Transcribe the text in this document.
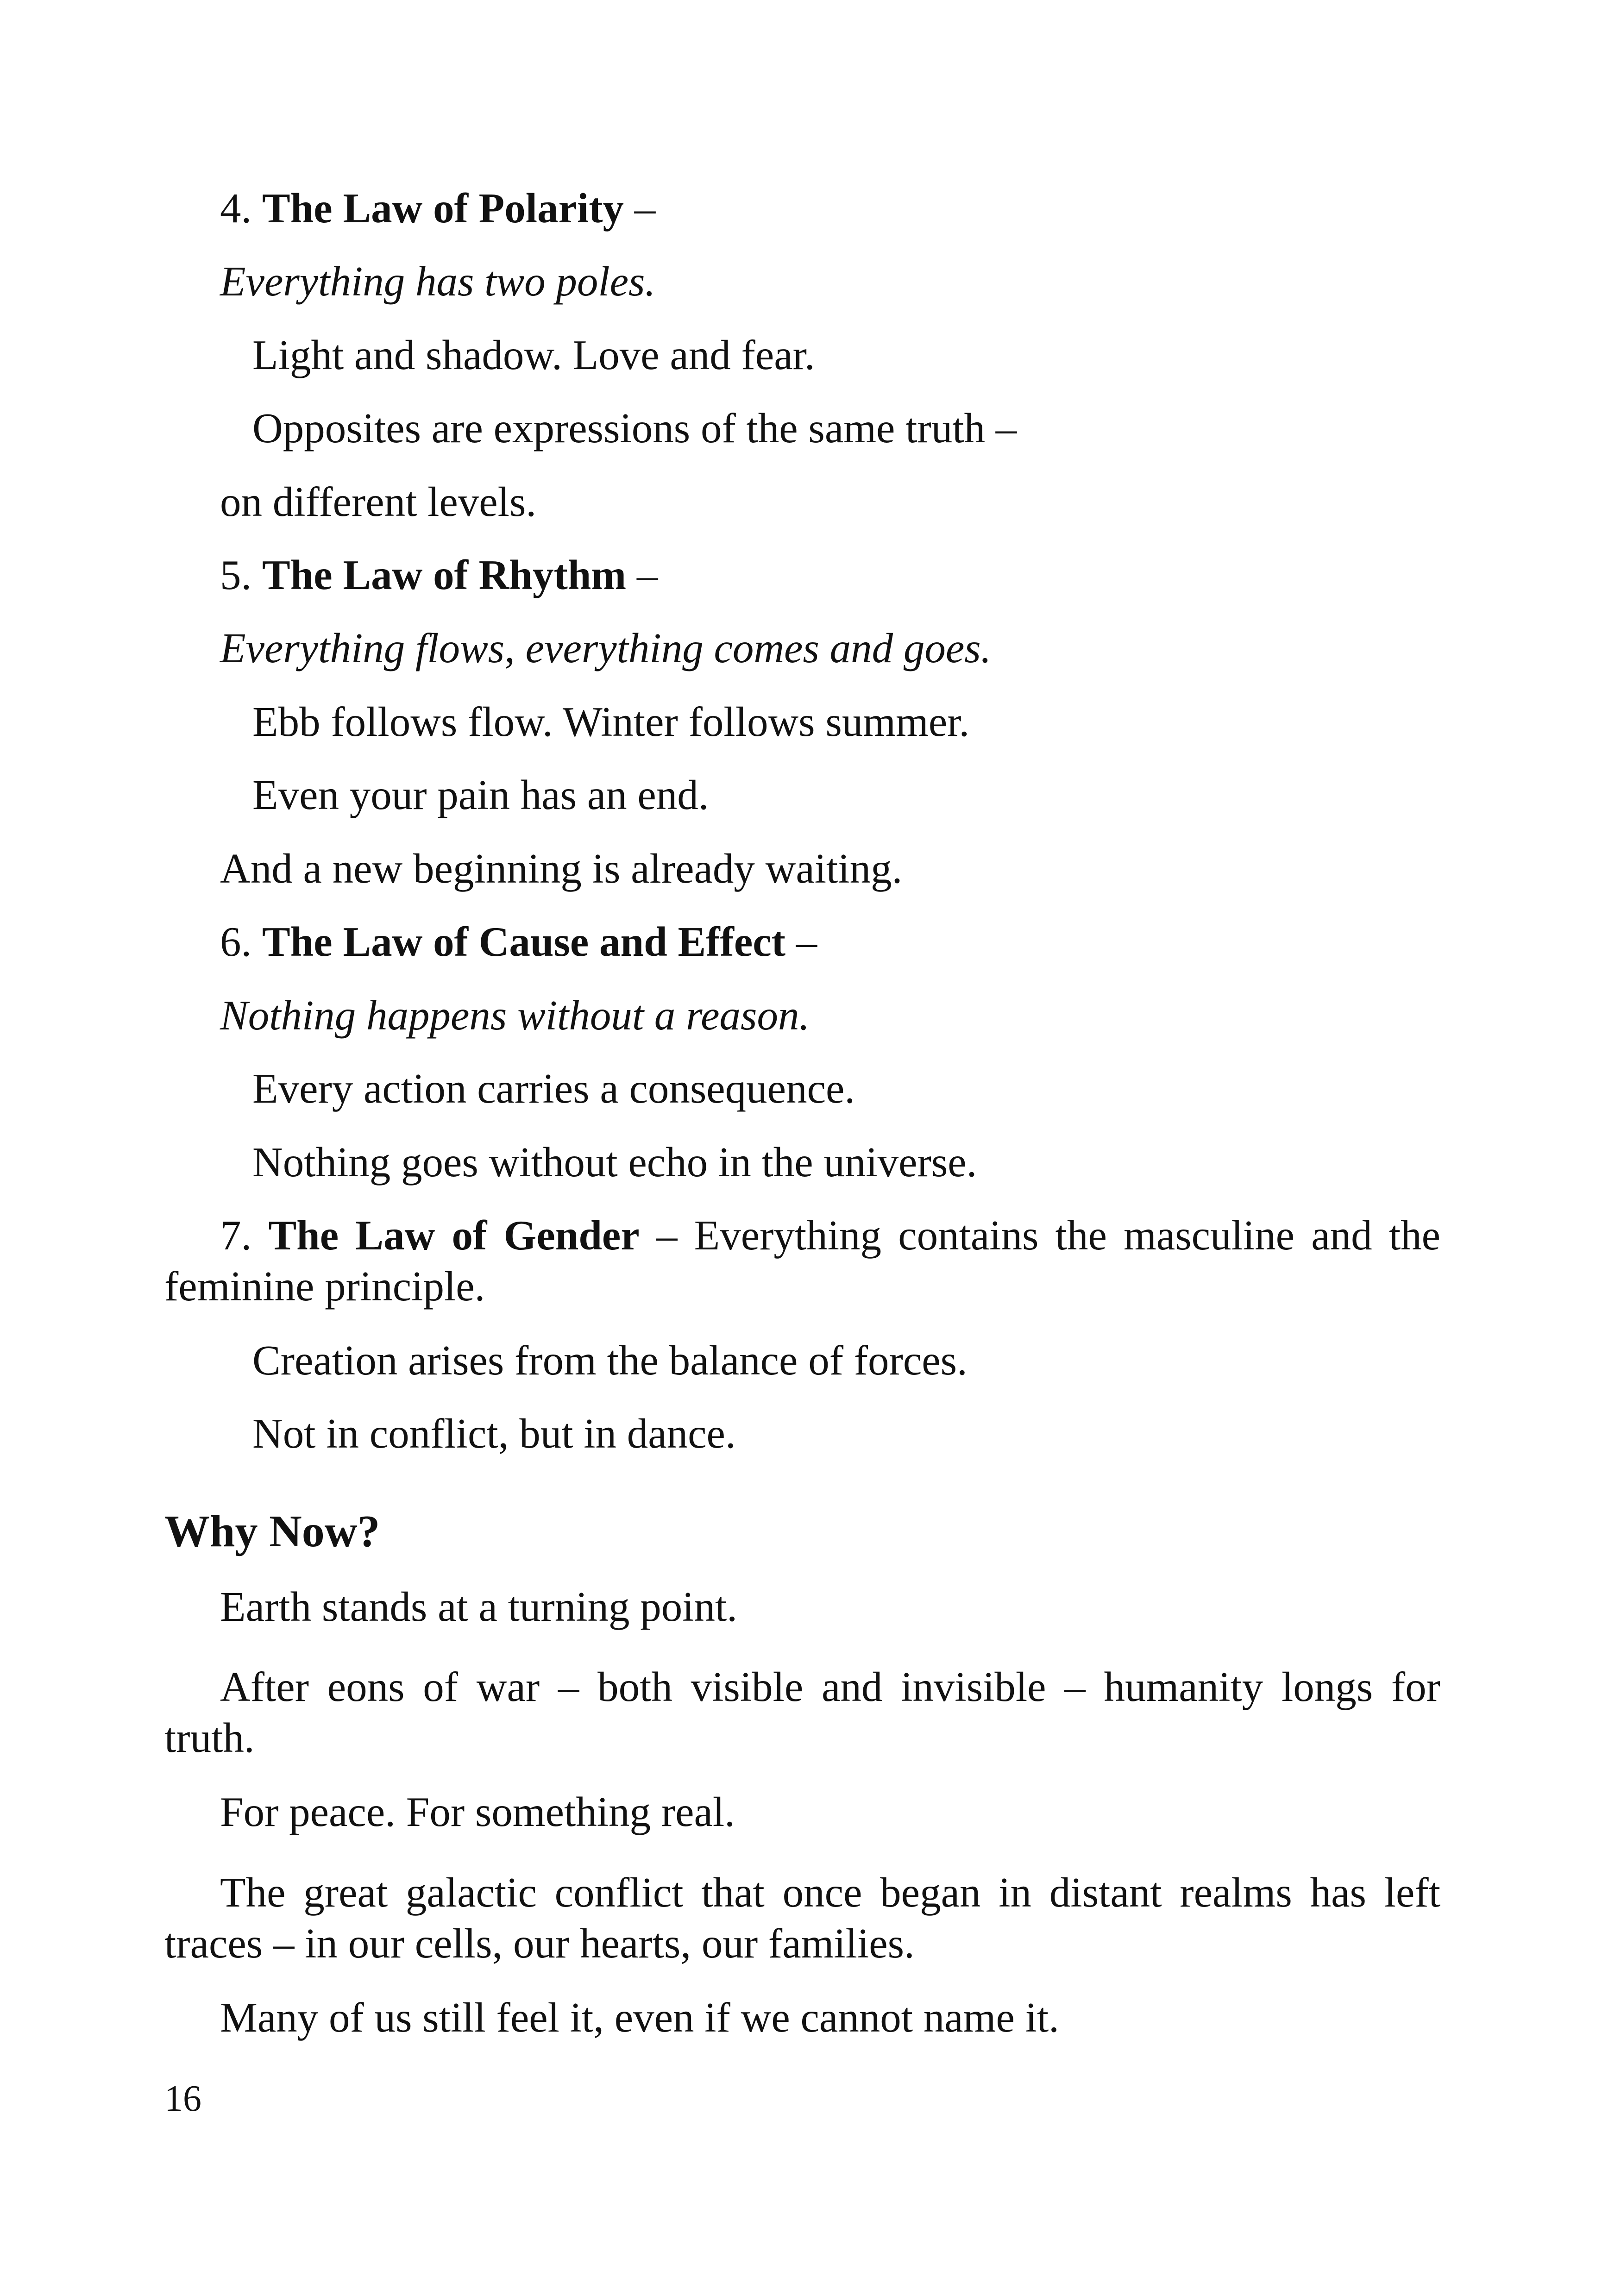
4. The Law of Polarity –
Everything has two poles.
Light and shadow. Love and fear.
Opposites are expressions of the same truth –
on different levels.
5. The Law of Rhythm –
Everything flows, everything comes and goes.
Ebb follows flow. Winter follows summer.
Even your pain has an end.
And a new beginning is already waiting.
6. The Law of Cause and Effect –
Nothing happens without a reason.
Every action carries a consequence.
Nothing goes without echo in the universe.
7. The Law of Gender – Everything contains the masculine and the feminine principle.
Creation arises from the balance of forces.
Not in conflict, but in dance.
Why Now?
Earth stands at a turning point.
After eons of war – both visible and invisible – humanity longs for truth.
For peace. For something real.
The great galactic conflict that once began in distant realms has left traces – in our cells, our hearts, our families.
Many of us still feel it, even if we cannot name it.
16
